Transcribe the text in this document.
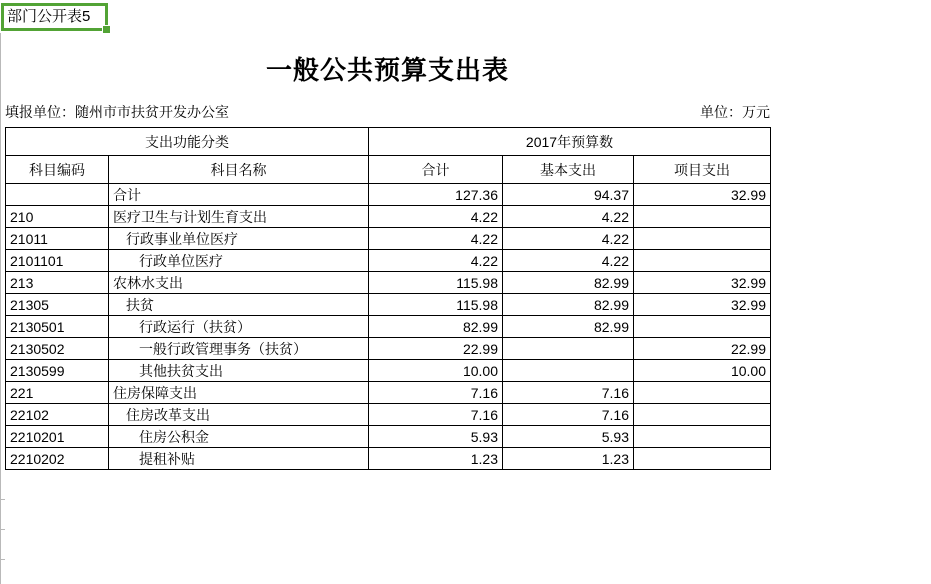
部门公开表5
一般公共预算支出表
填报单位：随州市市扶贫开发办公室	单位：万元
支出功能分类		2017年预算数		
科目编码	科目名称	合计	基本支出	项目支出
	合计	127.36	94.37	32.99
210	医疗卫生与计划生育支出	4.22	4.22	
21011	行政事业单位医疗	4.22	4.22	
2101101	行政单位医疗	4.22	4.22	
213	农林水支出	115.98	82.99	32.99
21305	扶贫	115.98	82.99	32.99
2130501	行政运行（扶贫）	82.99	82.99	
2130502	一般行政管理事务（扶贫）	22.99		22.99
2130599	其他扶贫支出	10.00		10.00
221	住房保障支出	7.16	7.16	
22102	住房改革支出	7.16	7.16	
2210201	住房公积金	5.93	5.93	
2210202	提租补贴	1.23	1.23	
